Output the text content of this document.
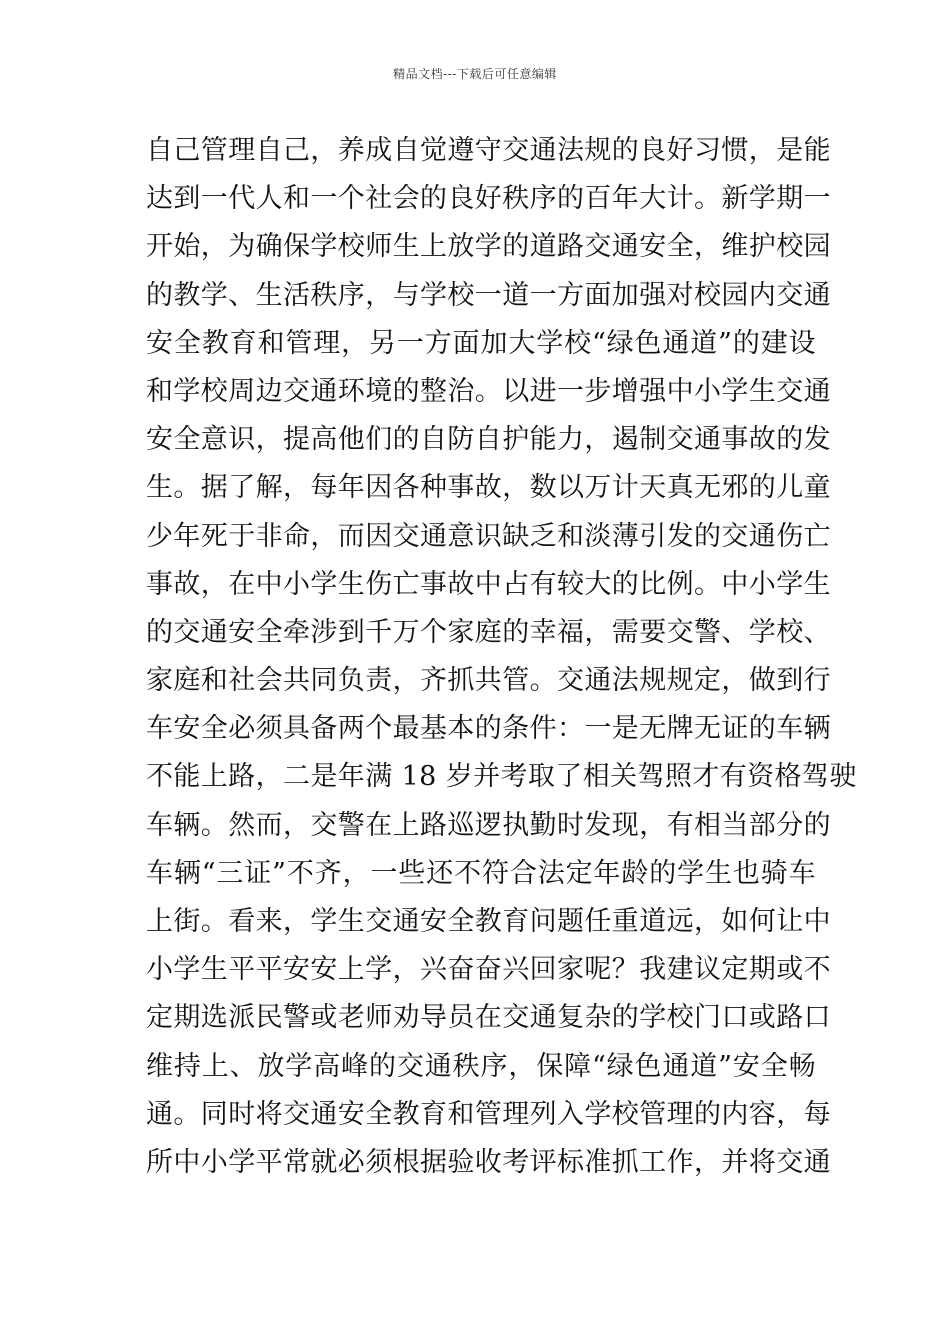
精品文档---下载后可任意编辑
自己管理自己，养成自觉遵守交通法规的良好习惯，是能
达到一代人和一个社会的良好秩序的百年大计。新学期一
开始，为确保学校师生上放学的道路交通安全，维护校园
的教学、生活秩序，与学校一道一方面加强对校园内交通
安全教育和管理，另一方面加大学校“绿色通道”的建设
和学校周边交通环境的整治。以进一步增强中小学生交通
安全意识，提高他们的自防自护能力，遏制交通事故的发
生。据了解，每年因各种事故，数以万计天真无邪的儿童
少年死于非命，而因交通意识缺乏和淡薄引发的交通伤亡
事故，在中小学生伤亡事故中占有较大的比例。中小学生
的交通安全牵涉到千万个家庭的幸福，需要交警、学校、
家庭和社会共同负责，齐抓共管。交通法规规定，做到行
车安全必须具备两个最基本的条件：一是无牌无证的车辆
不能上路，二是年满 18 岁并考取了相关驾照才有资格驾驶
车辆。然而，交警在上路巡逻执勤时发现，有相当部分的
车辆“三证”不齐，一些还不符合法定年龄的学生也骑车
上街。看来，学生交通安全教育问题任重道远，如何让中
小学生平平安安上学，兴奋奋兴回家呢？我建议定期或不
定期选派民警或老师劝导员在交通复杂的学校门口或路口
维持上、放学高峰的交通秩序，保障“绿色通道”安全畅
通。同时将交通安全教育和管理列入学校管理的内容，每
所中小学平常就必须根据验收考评标准抓工作，并将交通
